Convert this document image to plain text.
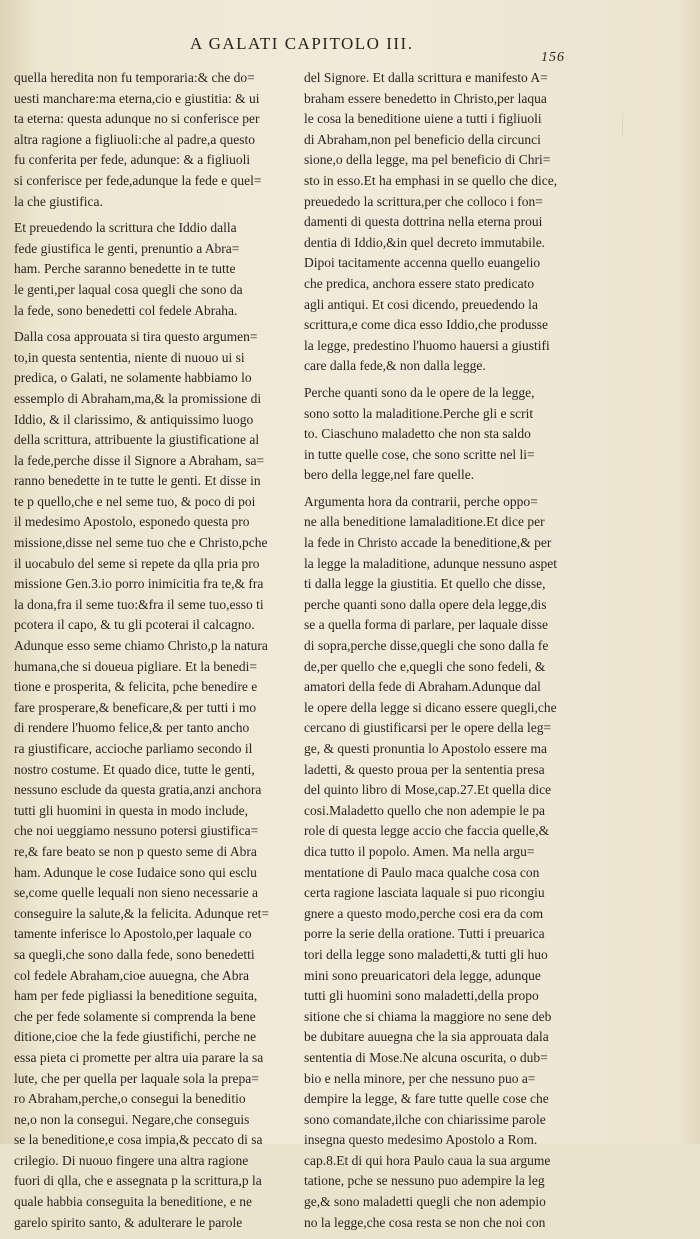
A GALATI CAPITOLO III.
156

quella heredita non fu temporaria:& che do=
uesti manchare:ma eterna,cio e giustitia: & ui
ta eterna: questa adunque no si conferisce per
altra ragione a figliuoli:che al padre,a questo
fu conferita per fede, adunque: & a figliuoli
si conferisce per fede,adunque la fede e quel=
la che giustifica.

Et preuedendo la scrittura che Iddio dalla
fede giustifica le genti, prenuntio a Abra=
ham. Perche saranno benedette in te tutte
le genti,per laqual cosa quegli che sono da
la fede, sono benedetti col fedele Abraha.

Dalla cosa approuata si tira questo argumen=
to,in questa sententia, niente di nuouo ui si
predica, o Galati, ne solamente habbiamo lo
essemplo di Abraham,ma,& la promissione di
Iddio, & il clarissimo, & antiquissimo luogo
della scrittura, attribuente la giustificatione al
la fede,perche disse il Signore a Abraham, sa=
ranno benedette in te tutte le genti. Et disse in
te p quello,che e nel seme tuo, & poco di poi
il medesimo Apostolo, esponedo questa pro
missione,disse nel seme tuo che e Christo,pche
il uocabulo del seme si repete da qlla pria pro
missione Gen.3.io porro inimicitia fra te,& fra
la dona,fra il seme tuo:&fra il seme tuo,esso ti
pcotera il capo, & tu gli pcoterai il calcagno.
Adunque esso seme chiamo Christo,p la natura
humana,che si doueua pigliare. Et la benedi=
tione e prosperita, & felicita, pche benedire e
fare prosperare,& beneficare,& per tutti i mo
di rendere l'huomo felice,& per tanto ancho
ra giustificare, accioche parliamo secondo il
nostro costume. Et quado dice, tutte le genti,
nessuno esclude da questa gratia,anzi anchora
tutti gli huomini in questa in modo include,
che noi ueggiamo nessuno potersi giustifica=
re,& fare beato se non p questo seme di Abra
ham. Adunque le cose Iudaice sono qui esclu
se,come quelle lequali non sieno necessarie a
conseguire la salute,& la felicita. Adunque ret=
tamente inferisce lo Apostolo,per laquale co
sa quegli,che sono dalla fede, sono benedetti
col fedele Abraham,cioe auuegna, che Abra
ham per fede pigliassi la beneditione seguita,
che per fede solamente si comprenda la bene
ditione,cioe che la fede giustifichi, perche ne
essa pieta ci promette per altra uia parare la sa
lute, che per quella per laquale sola la prepa=
ro Abraham,perche,o consegui la beneditio
ne,o non la consegui. Negare,che conseguis
se la beneditione,e cosa impia,& peccato di sa
crilegio. Di nuouo fingere una altra ragione
fuori di qlla, che e assegnata p la scrittura,p la
quale habbia conseguita la beneditione, e ne
garelo spirito santo, & adulterare le parole

del Signore. Et dalla scrittura e manifesto A=
braham essere benedetto in Christo,per laqua
le cosa la beneditione uiene a tutti i figliuoli
di Abraham,non pel beneficio della circunci
sione,o della legge, ma pel beneficio di Chri=
sto in esso.Et ha emphasi in se quello che dice,
preuededo la scrittura,per che colloco i fon=
damenti di questa dottrina nella eterna proui
dentia di Iddio,&in quel decreto immutabile.
Dipoi tacitamente accenna quello euangelio
che predica, anchora essere stato predicato
agli antiqui. Et cosi dicendo, preuedendo la
scrittura,e come dica esso Iddio,che produsse
la legge, predestino l'huomo hauersi a giustifi
care dalla fede,& non dalla legge.

Perche quanti sono da le opere de la legge,
sono sotto la maladitione.Perche gli e scrit
to. Ciaschuno maladetto che non sta saldo
in tutte quelle cose, che sono scritte nel li=
bero della legge,nel fare quelle.

Argumenta hora da contrarii, perche oppo=
ne alla beneditione lamaladitione.Et dice per
la fede in Christo accade la beneditione,& per
la legge la maladitione, adunque nessuno aspet
ti dalla legge la giustitia. Et quello che disse,
perche quanti sono dalla opere dela legge,dis
se a quella forma di parlare, per laquale disse
di sopra,perche disse,quegli che sono dalla fe
de,per quello che e,quegli che sono fedeli, &
amatori della fede di Abraham.Adunque dal
le opere della legge si dicano essere quegli,che
cercano di giustificarsi per le opere della leg=
ge, & questi pronuntia lo Apostolo essere ma
ladetti, & questo proua per la sententia presa
del quinto libro di Mose,cap.27.Et quella dice
cosi.Maladetto quello che non adempie le pa
role di questa legge accio che faccia quelle,&
dica tutto il popolo. Amen. Ma nella argu=
mentatione di Paulo maca qualche cosa con
certa ragione lasciata laquale si puo ricongiu
gnere a questo modo,perche cosi era da com
porre la serie della oratione. Tutti i preuarica
tori della legge sono maladetti,& tutti gli huo
mini sono preuaricatori dela legge, adunque
tutti gli huomini sono maladetti,della propo
sitione che si chiama la maggiore no sene deb
be dubitare auuegna che la sia approuata dala
sententia di Mose.Ne alcuna oscurita, o dub=
bio e nella minore, per che nessuno puo a=
dempire la legge, & fare tutte quelle cose che
sono comandate,ilche con chiarissime parole
insegna questo medesimo Apostolo a Rom.
cap.8.Et di qui hora Paulo caua la sua argume
tatione, pche se nessuno puo adempire la leg
ge,& sono maladetti quegli che non adempio
no la legge,che cosa resta se non che noi con
